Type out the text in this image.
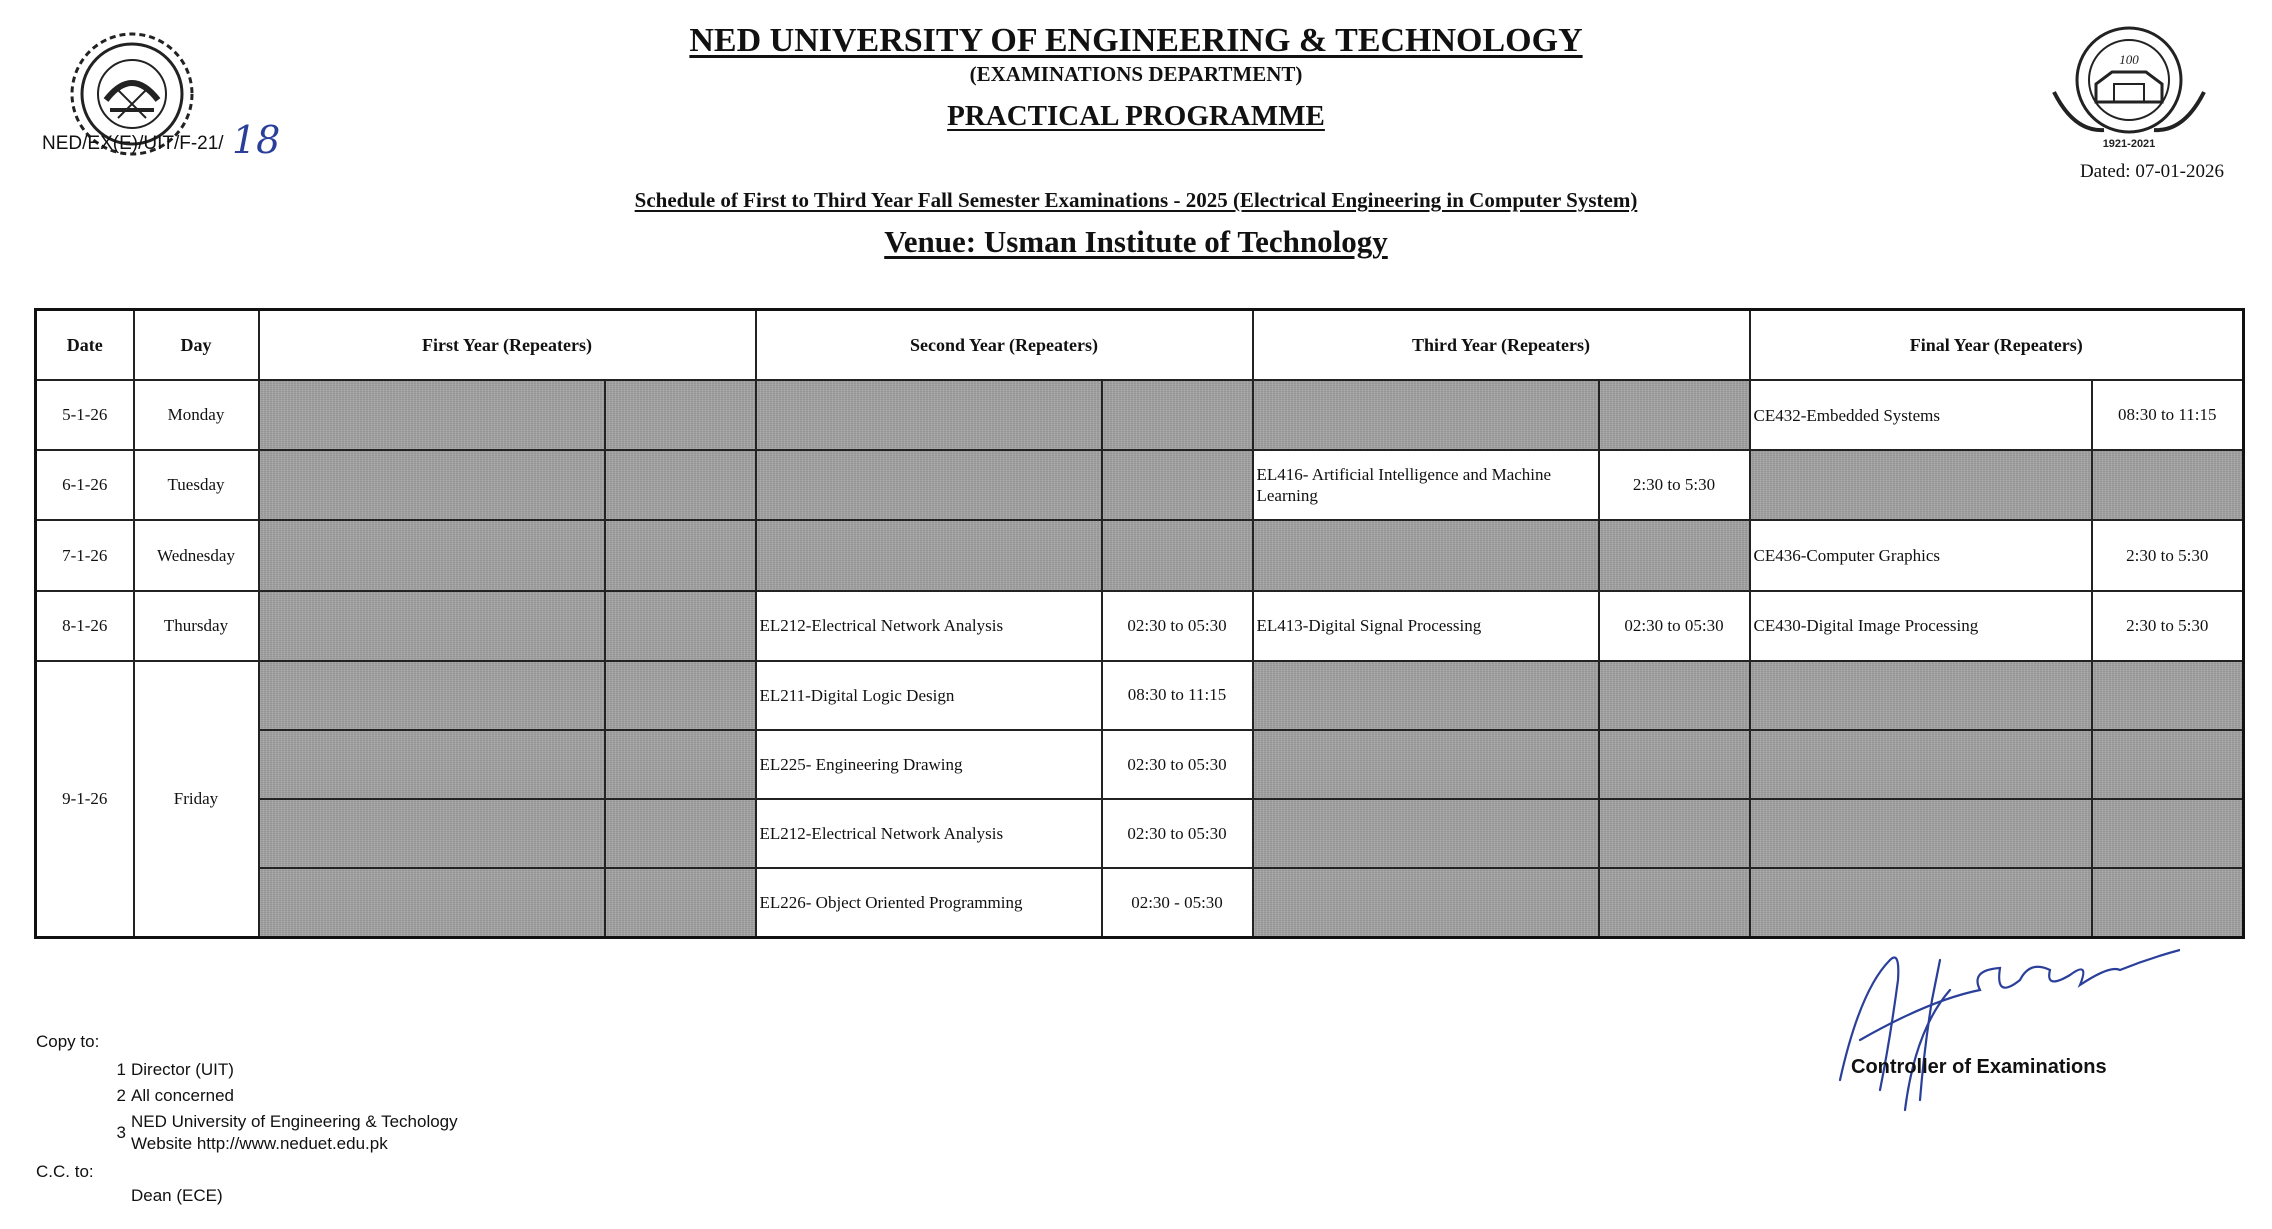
100
1921-2021
NED UNIVERSITY OF ENGINEERING & TECHNOLOGY
(EXAMINATIONS DEPARTMENT)
PRACTICAL PROGRAMME
NED/EX(E)/UIT/F-21/ 18
Dated: 07-01-2026
Schedule of First to Third Year Fall Semester Examinations - 2025 (Electrical Engineering in Computer System)
Venue: Usman Institute of Technology
Date	Day	First Year (Repeaters)		Second Year (Repeaters)		Third Year (Repeaters)		Final Year (Repeaters)	
5-1-26	Monday							CE432-Embedded Systems	08:30 to 11:15
6-1-26	Tuesday					EL416- Artificial Intelligence and Machine Learning	2:30 to 5:30		
7-1-26	Wednesday							CE436-Computer Graphics	2:30 to 5:30
8-1-26	Thursday			EL212-Electrical Network Analysis	02:30 to 05:30	EL413-Digital Signal Processing	02:30 to 05:30	CE430-Digital Image Processing	2:30 to 5:30
9-1-26	Friday			EL211-Digital Logic Design	08:30 to 11:15				
				EL225- Engineering Drawing	02:30 to 05:30				
				EL212-Electrical Network Analysis	02:30 to 05:30				
				EL226- Object Oriented Programming	02:30 - 05:30				
Controller of Examinations
Copy to:
1 Director (UIT)
2 All concerned
3
NED University of Engineering & Techology
Website http://www.neduet.edu.pk
C.C. to:
Dean (ECE)
